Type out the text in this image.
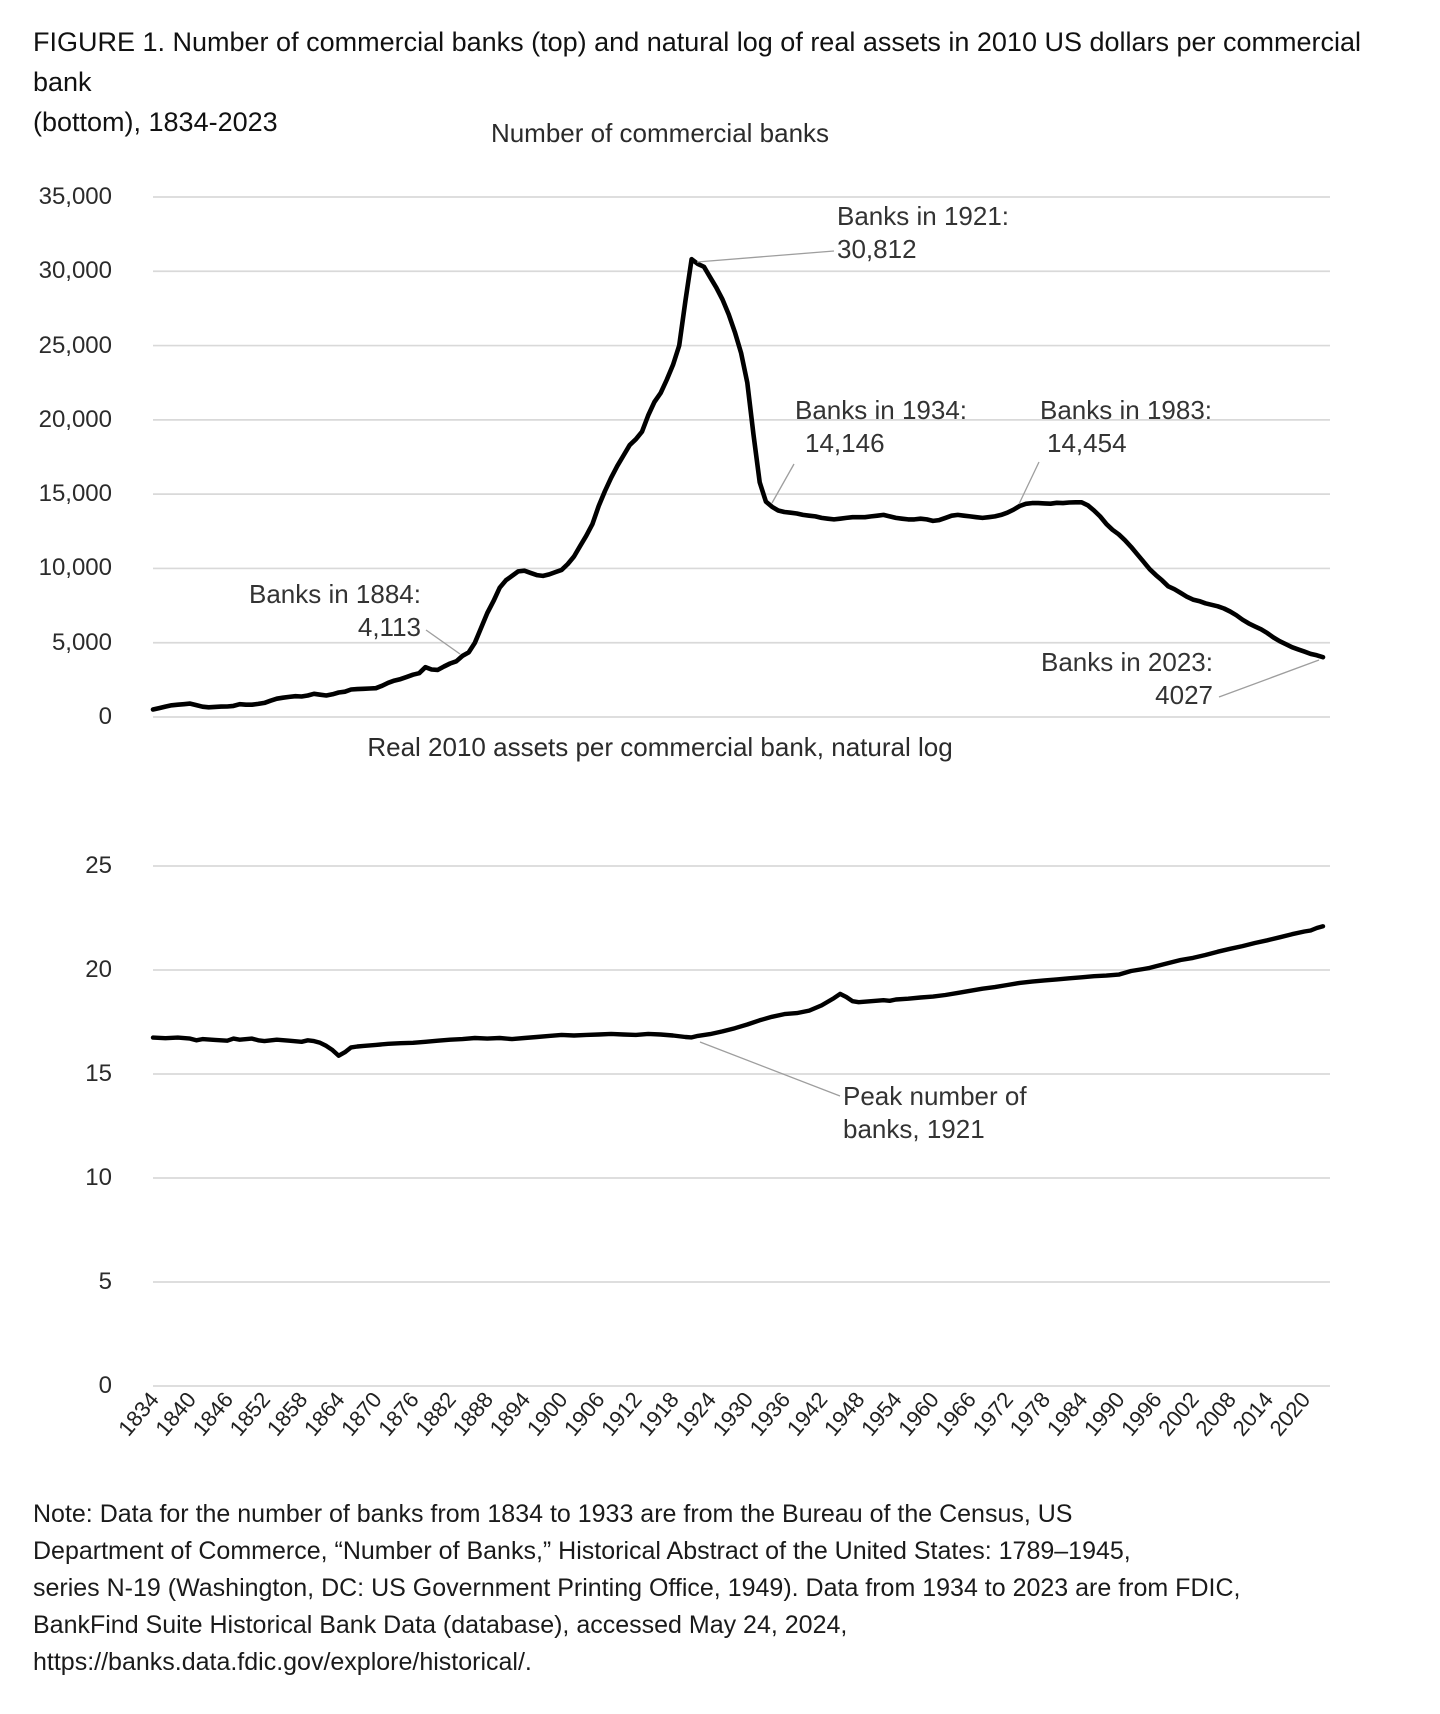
FIGURE 1. Number of commercial banks (top) and natural log of real assets in 2010 US dollars per commercial bank
(bottom), 1834-2023	Number of commercial banks
Real 2010 assets per commercial bank, natural log
1834
1840
1846
1852
1858
1864
1870
1876
1882
1888
1894
1900
1906
1912
1918
1924
1930
1936
1942
1948
1954
1960
1966
1972
1978
1984
1990
1996
2002
2008
2014
2020
0
5,000
10,000
15,000
20,000
25,000
30,000
35,000
0
5
10
15
20
25
Banks in 1884:
4,113
Banks in 1921:
30,812
Banks in 1934:
14,146
Banks in 1983:
14,454
Banks in 2023:
4027
Peak number of
banks, 1921
Note: Data for the number of banks from 1834 to 1933 are from the Bureau of the Census, US
Department of Commerce, “Number of Banks,” Historical Abstract of the United States: 1789–1945,
series N-19 (Washington, DC: US Government Printing Office, 1949). Data from 1934 to 2023 are from FDIC,
BankFind Suite Historical Bank Data (database), accessed May 24, 2024,
https://banks.data.fdic.gov/explore/historical/.
